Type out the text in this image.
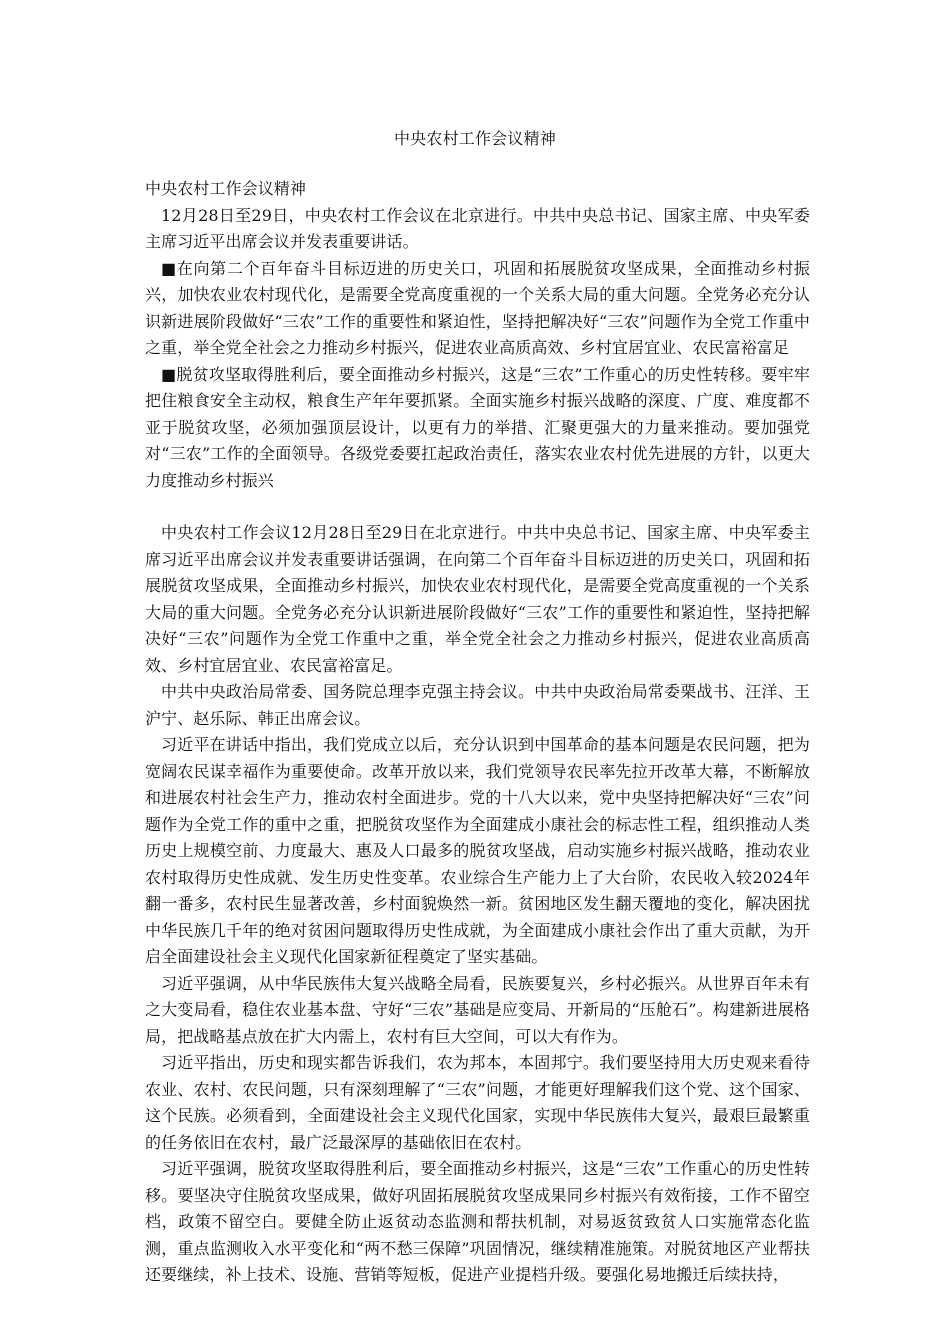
中央农村工作会议精神

中央农村工作会议精神

12月28日至29日，中央农村工作会议在北京进行。中共中央总书记、国家主席、中央军委主席习近平出席会议并发表重要讲话。

■在向第二个百年奋斗目标迈进的历史关口，巩固和拓展脱贫攻坚成果，全面推动乡村振兴，加快农业农村现代化，是需要全党高度重视的一个关系大局的重大问题。全党务必充分认识新进展阶段做好“三农”工作的重要性和紧迫性，坚持把解决好“三农”问题作为全党工作重中之重，举全党全社会之力推动乡村振兴，促进农业高质高效、乡村宜居宜业、农民富裕富足

■脱贫攻坚取得胜利后，要全面推动乡村振兴，这是“三农”工作重心的历史性转移。要牢牢把住粮食安全主动权，粮食生产年年要抓紧。全面实施乡村振兴战略的深度、广度、难度都不亚于脱贫攻坚，必须加强顶层设计，以更有力的举措、汇聚更强大的力量来推动。要加强党对“三农”工作的全面领导。各级党委要扛起政治责任，落实农业农村优先进展的方针，以更大力度推动乡村振兴

中央农村工作会议12月28日至29日在北京进行。中共中央总书记、国家主席、中央军委主席习近平出席会议并发表重要讲话强调，在向第二个百年奋斗目标迈进的历史关口，巩固和拓展脱贫攻坚成果，全面推动乡村振兴，加快农业农村现代化，是需要全党高度重视的一个关系大局的重大问题。全党务必充分认识新进展阶段做好“三农”工作的重要性和紧迫性，坚持把解决好“三农”问题作为全党工作重中之重，举全党全社会之力推动乡村振兴，促进农业高质高效、乡村宜居宜业、农民富裕富足。

中共中央政治局常委、国务院总理李克强主持会议。中共中央政治局常委栗战书、汪洋、王沪宁、赵乐际、韩正出席会议。

习近平在讲话中指出，我们党成立以后，充分认识到中国革命的基本问题是农民问题，把为宽阔农民谋幸福作为重要使命。改革开放以来，我们党领导农民率先拉开改革大幕，不断解放和进展农村社会生产力，推动农村全面进步。党的十八大以来，党中央坚持把解决好“三农”问题作为全党工作的重中之重，把脱贫攻坚作为全面建成小康社会的标志性工程，组织推动人类历史上规模空前、力度最大、惠及人口最多的脱贫攻坚战，启动实施乡村振兴战略，推动农业农村取得历史性成就、发生历史性变革。农业综合生产能力上了大台阶，农民收入较2024年翻一番多，农村民生显著改善，乡村面貌焕然一新。贫困地区发生翻天覆地的变化，解决困扰中华民族几千年的绝对贫困问题取得历史性成就，为全面建成小康社会作出了重大贡献，为开启全面建设社会主义现代化国家新征程奠定了坚实基础。

习近平强调，从中华民族伟大复兴战略全局看，民族要复兴，乡村必振兴。从世界百年未有之大变局看，稳住农业基本盘、守好“三农”基础是应变局、开新局的“压舱石”。构建新进展格局，把战略基点放在扩大内需上，农村有巨大空间，可以大有作为。

习近平指出，历史和现实都告诉我们，农为邦本，本固邦宁。我们要坚持用大历史观来看待农业、农村、农民问题，只有深刻理解了“三农”问题，才能更好理解我们这个党、这个国家、这个民族。必须看到，全面建设社会主义现代化国家，实现中华民族伟大复兴，最艰巨最繁重的任务依旧在农村，最广泛最深厚的基础依旧在农村。

习近平强调，脱贫攻坚取得胜利后，要全面推动乡村振兴，这是“三农”工作重心的历史性转移。要坚决守住脱贫攻坚成果，做好巩固拓展脱贫攻坚成果同乡村振兴有效衔接，工作不留空档，政策不留空白。要健全防止返贫动态监测和帮扶机制，对易返贫致贫人口实施常态化监测，重点监测收入水平变化和“两不愁三保障”巩固情况，继续精准施策。对脱贫地区产业帮扶还要继续，补上技术、设施、营销等短板，促进产业提档升级。要强化易地搬迁后续扶持，
